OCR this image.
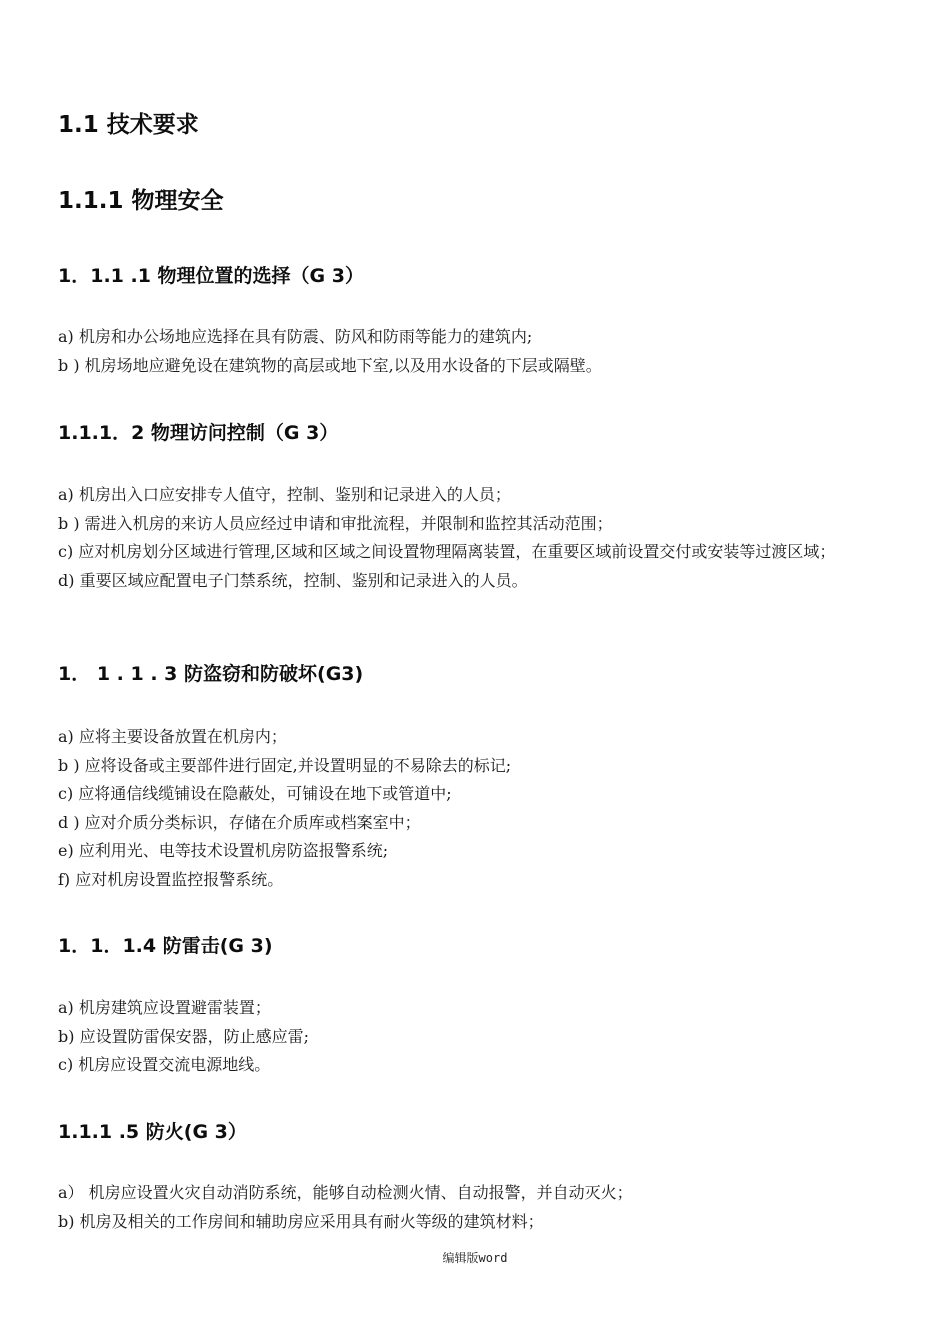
1.1 技术要求
1.1.1 物理安全
1．1.1 .1 物理位置的选择（G 3）
a) 机房和办公场地应选择在具有防震、防风和防雨等能力的建筑内;
b ) 机房场地应避免设在建筑物的高层或地下室,以及用水设备的下层或隔壁。
1.1.1．2 物理访问控制（G 3）
a) 机房出入口应安排专人值守，控制、鉴别和记录进入的人员；
b ) 需进入机房的来访人员应经过申请和审批流程，并限制和监控其活动范围；
c) 应对机房划分区域进行管理,区域和区域之间设置物理隔离装置，在重要区域前设置交付或安装等过渡区域；
d) 重要区域应配置电子门禁系统，控制、鉴别和记录进入的人员。
1． 1 . 1 . 3 防盗窃和防破坏(G3)
a) 应将主要设备放置在机房内；
b ) 应将设备或主要部件进行固定,并设置明显的不易除去的标记;
c) 应将通信线缆铺设在隐蔽处，可铺设在地下或管道中;
d ) 应对介质分类标识，存储在介质库或档案室中；
e) 应利用光、电等技术设置机房防盗报警系统;
f) 应对机房设置监控报警系统。
1．1．1.4 防雷击(G 3)
a) 机房建筑应设置避雷装置；
b) 应设置防雷保安器，防止感应雷;
c) 机房应设置交流电源地线。
1.1.1 .5 防火(G 3）
a） 机房应设置火灾自动消防系统，能够自动检测火情、自动报警，并自动灭火；
b) 机房及相关的工作房间和辅助房应采用具有耐火等级的建筑材料；
编辑版word
